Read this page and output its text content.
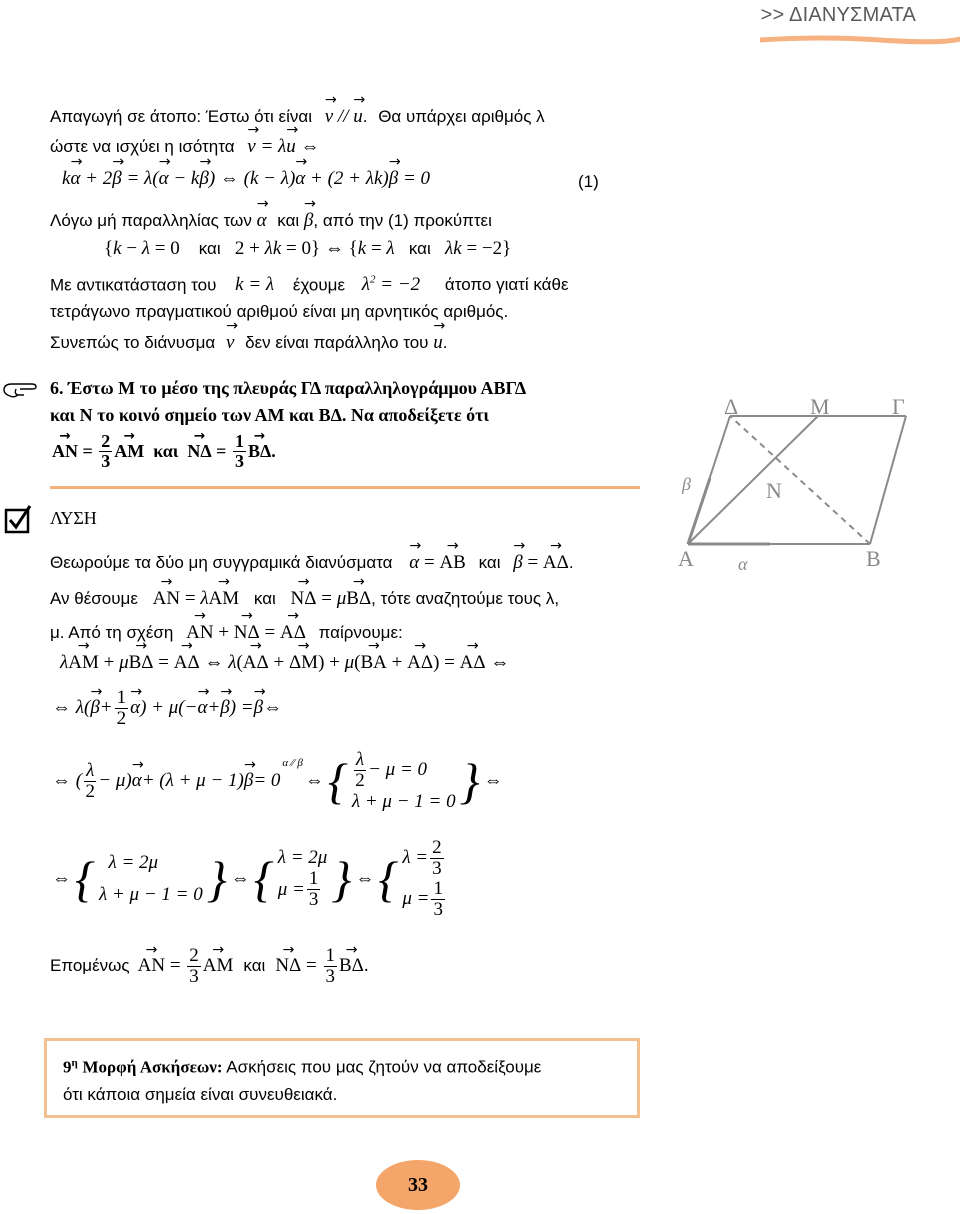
>> ΔΙΑΝΥΣΜΑΤΑ
Απαγωγή σε άτοπο: Έστω ότι είναι ν → // u →. Θα υπάρχει αριθμός λ
ώστε να ισχύει η ισότητα ν → = λu → ⇔
kα → + 2β → = λ(α → − kβ →) ⇔ (k − λ)α → + (2 + λk)β → = 0	(1)
Λόγω μή παραλληλίας των α → και β →, από την (1) προκύπτει
{k − λ = 0    και   2 + λk = 0} ⇔ {k = λ και λk = −2}
Με αντικατάσταση του k = λ έχουμε $\lambda^2 = -2$ άτοπο γιατί κάθε
τετράγωνο πραγματικού αριθμού είναι μη αρνητικός αριθμός.
Συνεπώς το διάνυσμα ν → δεν είναι παράλληλο του u →.
6. Έστω Μ το μέσο της πλευράς ΓΔ παραλληλογράμμου ΑΒΓΔ
και Ν το κοινό σημείο των ΑΜ και ΒΔ. Να αποδείξετε ότι
ΑΝ → = $\frac{2}{3}$ ΑΜ →
και
ΝΔ → = $\frac{1}{3}$ ΒΔ → .
ΛΥΣΗ
Θεωρούμε τα δύο μη συγγραμικά διανύσματα α → = ΑΒ → και β → = ΑΔ →.
Αν θέσουμε ΑΝ → = λΑΜ → και ΝΔ → = μΒΔ →, τότε αναζητούμε τους λ,
μ. Από τη σχέση ΑΝ → + ΝΔ → = ΑΔ → παίρνουμε:
λΑΜ → + μΒΔ → = ΑΔ → ⇔ λ(ΑΔ → + ΔΜ →) + μ(ΒΑ → + ΑΔ →) = ΑΔ → ⇔
⇔ λ( β → + $\frac{1}{2}$ α → ) + μ(− α → + β → ) = β → ⇔
⇔ ( $\frac{\lambda}{2} - \mu$) α → + (λ + μ − 1) β → = 0
α ⁄⁄ β
⇔ { $\frac{\lambda}{2} - \mu = 0$
λ + μ − 1 = 0 } ⇔
⇔ { λ = 2μ
λ + μ − 1 = 0 } ⇔ { λ = 2μ
$\mu = \frac{1}{3}$ } ⇔ { $\lambda = \frac{2}{3}$
$\mu = \frac{1}{3}$
Επομένως ΑΝ → = $\frac{2}{3}$ ΑΜ → και ΝΔ → = $\frac{1}{3}$ ΒΔ → .
Α	Β
Δ	Μ	Γ
Ν
α
β
$9^\eta$ Μορφή Ασκήσεων: Ασκήσεις που μας ζητούν να αποδείξουμε
ότι κάποια σημεία είναι συνευθειακά.
33
